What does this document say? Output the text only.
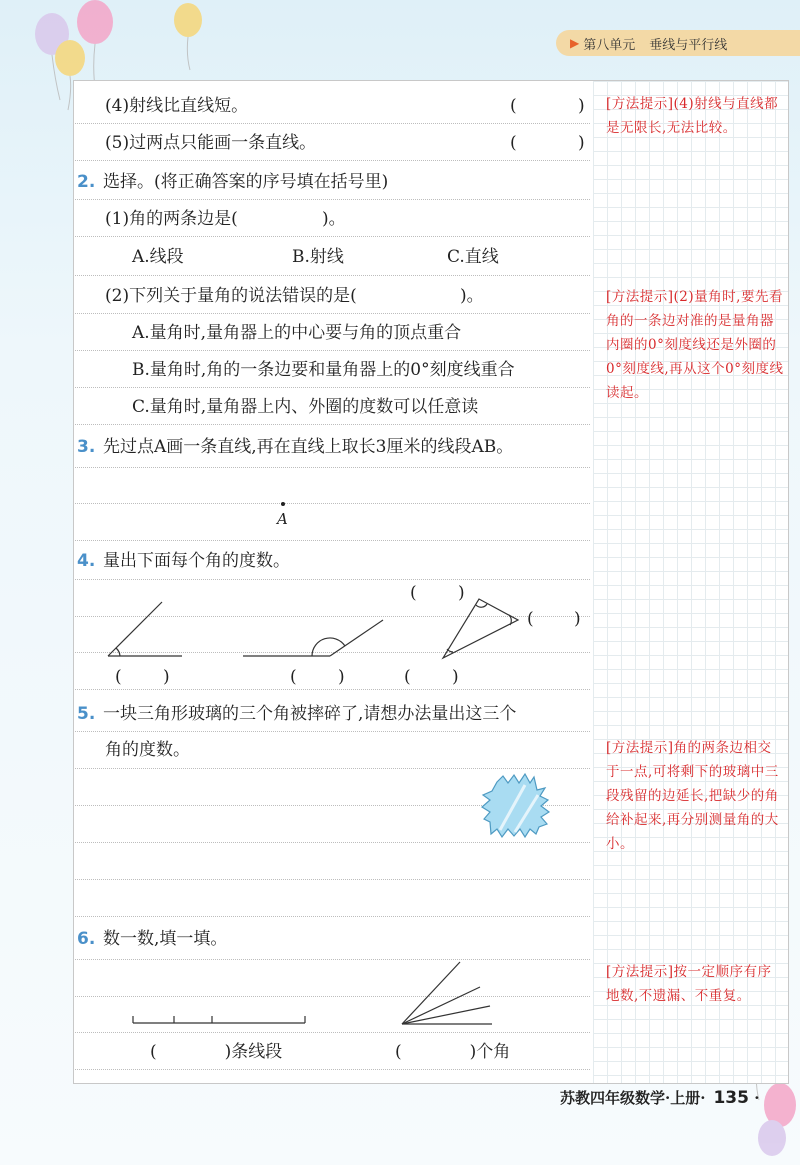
▶ 第八单元 垂线与平行线
(4)射线比直线短。	(	)
(5)过两点只能画一条直线。	(	)
2. 选择。(将正确答案的序号填在括号里)
(1)角的两条边是(	)。
A.线段	B.射线	C.直线
(2)下列关于量角的说法错误的是(	)。
A.量角时,量角器上的中心要与角的顶点重合
B.量角时,角的一条边要和量角器上的0°刻度线重合
C.量角时,量角器上内、外圈的度数可以任意读
3. 先过点A画一条直线,再在直线上取长3厘米的线段AB。
A
4. 量出下面每个角的度数。
( )	( )
( )
( )
( )
5. 一块三角形玻璃的三个角被摔碎了,请想办法量出这三个
角的度数。
6. 数一数,填一填。
(　　　　)条线段	(　　　　)个角
[方法提示](4)射线与直线都是无限长,无法比较。
[方法提示](2)量角时,要先看角的一条边对准的是量角器内圈的0°刻度线还是外圈的0°刻度线,再从这个0°刻度线读起。
[方法提示]角的两条边相交于一点,可将剩下的玻璃中三段残留的边延长,把缺少的角给补起来,再分别测量角的大小。
[方法提示]按一定顺序有序地数,不遗漏、不重复。
苏教四年级数学·上册· 135 ·
